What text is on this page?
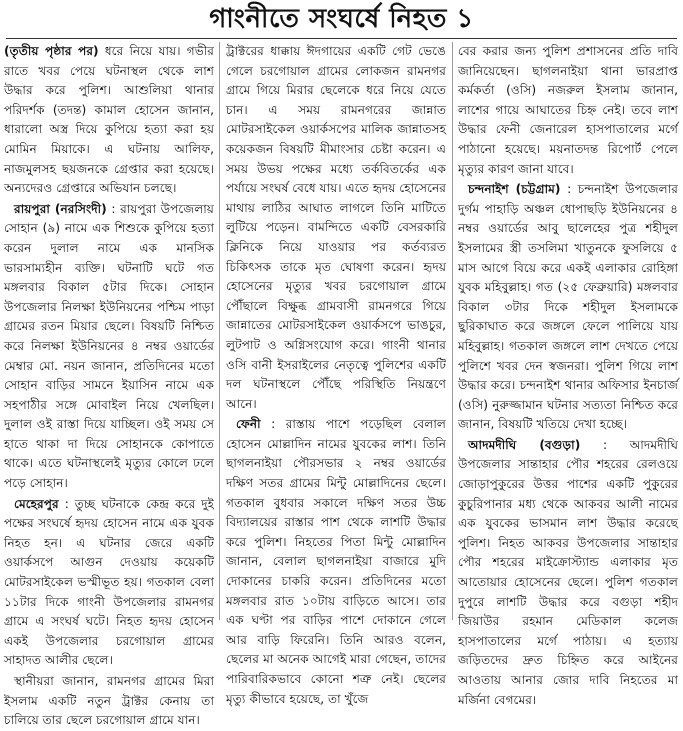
গাংনীতে সংঘর্ষে নিহত ১

(তৃতীয় পৃষ্ঠার পর) ধরে নিয়ে যায়। গভীর রাতে খবর পেয়ে ঘটনাস্থল থেকে লাশ উদ্ধার করে পুলিশ। আশুলিয়া থানার পরিদর্শক (তদন্ত) কামাল হোসেন জানান, ধারালো অস্ত্র দিয়ে কুপিয়ে হত্যা করা হয় মোমিন মিয়াকে। এ ঘটনায় আলিফ, নাজমুলসহ ছয়জনকে গ্রেপ্তার করা হয়েছে। অন্যদেরও গ্রেপ্তারে অভিযান চলছে।

রায়পুরা (নরসিংদী) : রায়পুরা উপজেলায় সোহান (৯) নামে এক শিশুকে কুপিয়ে হত্যা করেন দুলাল নামে এক মানসিক ভারসাম্যহীন ব্যক্তি। ঘটনাটি ঘটে গত মঙ্গলবার বিকাল ৫টার দিকে। সোহান উপজেলার নিলক্ষা ইউনিয়নের পশ্চিম পাড়া গ্রামের রতন মিয়ার ছেলে। বিষয়টি নিশ্চিত করে নিলক্ষা ইউনিয়নের ৪ নম্বর ওয়ার্ডের মেম্বার মো. নয়ন জানান, প্রতিদিনের মতো সোহান বাড়ির সামনে ইয়াসিন নামে এক সহপাঠীর সঙ্গে মোবাইল নিয়ে খেলছিল। দুলাল ওই রাস্তা দিয়ে যাচ্ছিল। ওই সময় সে হাতে থাকা দা দিয়ে সোহানকে কোপাতে থাকে। এতে ঘটনাস্থলেই মৃত্যুর কোলে ঢলে পড়ে সোহান।

মেহেরপুর : তুচ্ছ ঘটনাকে কেন্দ্র করে দুই পক্ষের সংঘর্ষে হৃদয় হোসেন নামে এক যুবক নিহত হন। এ ঘটনার জেরে একটি ওয়ার্কসপে আগুন দেওয়ায় কয়েকটি মোটরসাইকেল ভস্মীভূত হয়। গতকাল বেলা ১১টার দিকে গাংনী উপজেলার রামনগর গ্রামে এ সংঘর্ষ ঘটে। নিহত হৃদয় হোসেন একই উপজেলার চরগোয়াল গ্রামের সাহাদত আলীর ছেলে।

স্থানীয়রা জানান, রামনগর গ্রামের মিরা ইসলাম একটি নতুন ট্রাক্টর কেনায় তা চালিয়ে তার ছেলে চরগোয়াল গ্রামে যান।

ট্রাক্টরের ধাক্কায় ঈদগায়ের একটি গেট ভেঙে গেলে চরগোয়াল গ্রামের লোকজন রামনগর গ্রামে গিয়ে মিরার ছেলেকে ধরে নিয়ে যেতে চান। এ সময় রামনগরের জান্নাত মোটরসাইকেল ওয়ার্কসপের মালিক জান্নাতসহ কয়েকজন বিষয়টি মীমাংসার চেষ্টা করেন। এ সময় উভয় পক্ষের মধ্যে তর্কবিতর্কের এক পর্যায়ে সংঘর্ষ বেধে যায়। এতে হৃদয় হোসেনের মাথায় লাঠির আঘাত লাগলে তিনি মাটিতে লুটিয়ে পড়েন। বামন্দিতে একটি বেসরকারি ক্লিনিকে নিয়ে যাওয়ার পর কর্তব্যরত চিকিৎসক তাকে মৃত ঘোষণা করেন। হৃদয় হোসেনের মৃত্যুর খবর চরগোয়াল গ্রামে পৌঁছালে বিক্ষুব্ধ গ্রামবাসী রামনগরে গিয়ে জান্নাতের মোটরসাইকেল ওয়ার্কসপে ভাঙচুর, লুটপাট ও অগ্নিসংযোগ করে। গাংনী থানার ওসি বানী ইসরাইলের নেতৃত্বে পুলিশের একটি দল ঘটনাস্থলে পৌঁছে পরিস্থিতি নিয়ন্ত্রণে আনে।

ফেনী : রাস্তায় পাশে পড়েছিল বেলাল হোসেন মোল্লাদিন নামের যুবকের লাশ। তিনি ছাগলনাইয়া পৌরসভার ২ নম্বর ওয়ার্ডের দক্ষিণ সতর গ্রামের মিন্টু মোল্লাদিনের ছেলে। গতকাল বুধবার সকালে দক্ষিণ সতর উচ্চ বিদ্যালয়ের রাস্তার পাশ থেকে লাশটি উদ্ধার করে পুলিশ। নিহতের পিতা মিন্টু মোল্লাদিন জানান, বেলাল ছাগলনাইয়া বাজারে মুদি দোকানের চাকরি করেন। প্রতিদিনের মতো মঙ্গলবার রাত ১০টায় বাড়িতে আসে। তার এক ঘণ্টা পর বাড়ির পাশে দোকানে গেলে আর বাড়ি ফিরেনি। তিনি আরও বলেন, ছেলের মা অনেক আগেই মারা গেছেন, তাদের পারিবারিকভাবে কোনো শত্রু নেই। ছেলের মৃত্যু কীভাবে হয়েছে, তা খুঁজে

বের করার জন্য পুলিশ প্রশাসনের প্রতি দাবি জানিয়েছেন। ছাগলনাইয়া থানা ভারপ্রাপ্ত কর্মকর্তা (ওসি) নজরুল ইসলাম জানান, লাশের গায়ে আঘাতের চিহ্ন নেই। তবে লাশ উদ্ধার ফেনী জেনারেল হাসপাতালের মর্গে পাঠানো হয়েছে। ময়নাতদন্ত রিপোর্ট পেলে মৃত্যুর কারণ জানা যাবে।

চন্দনাইশ (চট্টগ্রাম) : চন্দনাইশ উপজেলার দুর্গম পাহাড়ি অঞ্চল ধোপাছড়ি ইউনিয়নের ৪ নম্বর ওয়ার্ডের আবু ছালেহের পুত্র শহীদুল ইসলামের স্ত্রী তসলিমা খাতুনকে ফুসলিয়ে ৫ মাস আগে বিয়ে করে একই এলাকার রোহিঙ্গা যুবক মহিবুল্লাহ। গত (২৫ ফেব্রুয়ারি) মঙ্গলবার বিকাল ৩টার দিকে শহীদুল ইসলামকে ছুরিকাঘাত করে জঙ্গলে ফেলে পালিয়ে যায় মহিবুল্লাহ। গতকাল জঙ্গলে লাশ দেখতে পেয়ে পুলিশে খবর দেন স্বজনরা। পুলিশ গিয়ে লাশ উদ্ধার করে। চন্দনাইশ থানার অফিসার ইনচার্জ (ওসি) নুরুজ্জামান ঘটনার সত্যতা নিশ্চিত করে জানান, বিষয়টি খতিয়ে দেখা হচ্ছে।

আদমদীঘি (বগুড়া) : আদমদীঘি উপজেলার সান্তাহার পৌর শহরের রেলওয়ে জোড়াপুকুরের উত্তর পাশের একটি পুকুরের কুচুরিপানার মধ্য থেকে আকবর আলী নামের এক যুবকের ভাসমান লাশ উদ্ধার করেছে পুলিশ। নিহত আকবর উপজেলার সান্তাহার পৌর শহরের মাইক্রোস্ট্যান্ড এলাকার মৃত আতোয়ার হোসেনের ছেলে। পুলিশ গতকাল দুপুরে লাশটি উদ্ধার করে বগুড়া শহীদ জিয়াউর রহমান মেডিকাল কলেজ হাসপাতালের মর্গে পাঠায়। এ হত্যায় জড়িতদের দ্রুত চিহ্নিত করে আইনের আওতায় আনার জোর দাবি নিহতের মা মর্জিনা বেগমের।
